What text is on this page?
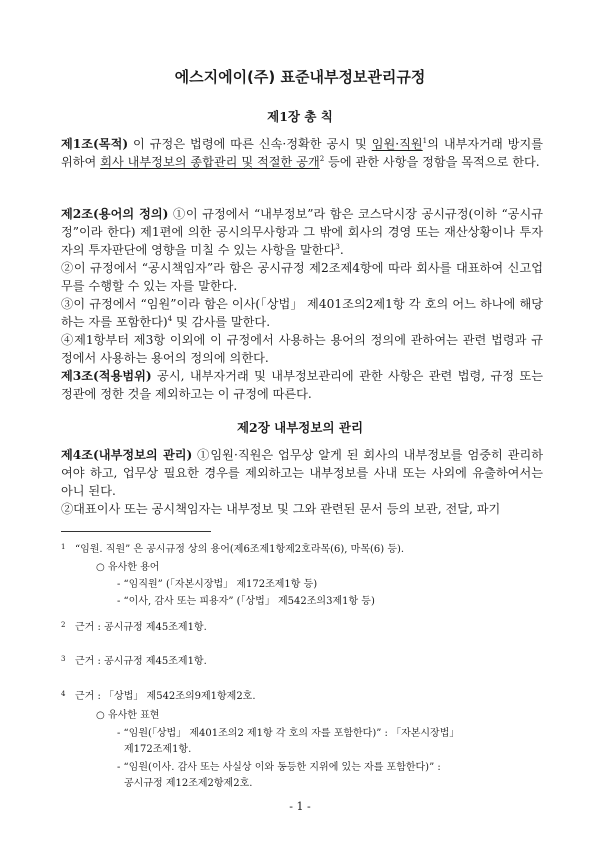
에스지에이(주) 표준내부정보관리규정
제1장 총 칙

제1조(목적) 이 규정은 법령에 따른 신속·정확한 공시 및 임원·직원$^1$의 내부자거래 방지를 위하여 회사 내부정보의 종합관리 및 적절한 공개$^2$ 등에 관한 사항을 정함을 목적으로 한다.

제2조(용어의 정의) ①이 규정에서 “내부정보”라 함은 코스닥시장 공시규정(이하 “공시규정”이라 한다) 제1편에 의한 공시의무사항과 그 밖에 회사의 경영 또는 재산상황이나 투자자의 투자판단에 영향을 미칠 수 있는 사항을 말한다$^3$.

②이 규정에서 “공시책임자”라 함은 공시규정 제2조제4항에 따라 회사를 대표하여 신고업무를 수행할 수 있는 자를 말한다.

③이 규정에서 “임원”이라 함은 이사(「상법」 제401조의2제1항 각 호의 어느 하나에 해당하는 자를 포함한다)$^4$ 및 감사를 말한다.

④제1항부터 제3항 이외에 이 규정에서 사용하는 용어의 정의에 관하여는 관련 법령과 규정에서 사용하는 용어의 정의에 의한다.

제3조(적용범위) 공시, 내부자거래 및 내부정보관리에 관한 사항은 관련 법령, 규정 또는 정관에 정한 것을 제외하고는 이 규정에 따른다.

제2장 내부정보의 관리

제4조(내부정보의 관리) ①임원·직원은 업무상 알게 된 회사의 내부정보를 엄중히 관리하여야 하고, 업무상 필요한 경우를 제외하고는 내부정보를 사내 또는 사외에 유출하여서는 아니 된다.

②대표이사 또는 공시책임자는 내부정보 및 그와 관련된 문서 등의 보관, 전달, 파기

1 “임원. 직원” 은 공시규정 상의 용어(제6조제1항제2호라목(6), 마목(6) 등).

○ 유사한 용어

- “임직원” (「자본시장법」 제172조제1항 등)

- “이사, 감사 또는 피용자” (「상법」 제542조의3제1항 등)

2 근거 : 공시규정 제45조제1항.
3 근거 : 공시규정 제45조제1항.
4 근거 : 「상법」 제542조의9제1항제2호.

○ 유사한 표현

- “임원(「상법」 제401조의2 제1항 각 호의 자를 포함한다)” : 「자본시장법」

제172조제1항.

- “임원(이사. 감사 또는 사실상 이와 동등한 지위에 있는 자를 포함한다)” :

공시규정 제12조제2항제2호.

- 1 -
